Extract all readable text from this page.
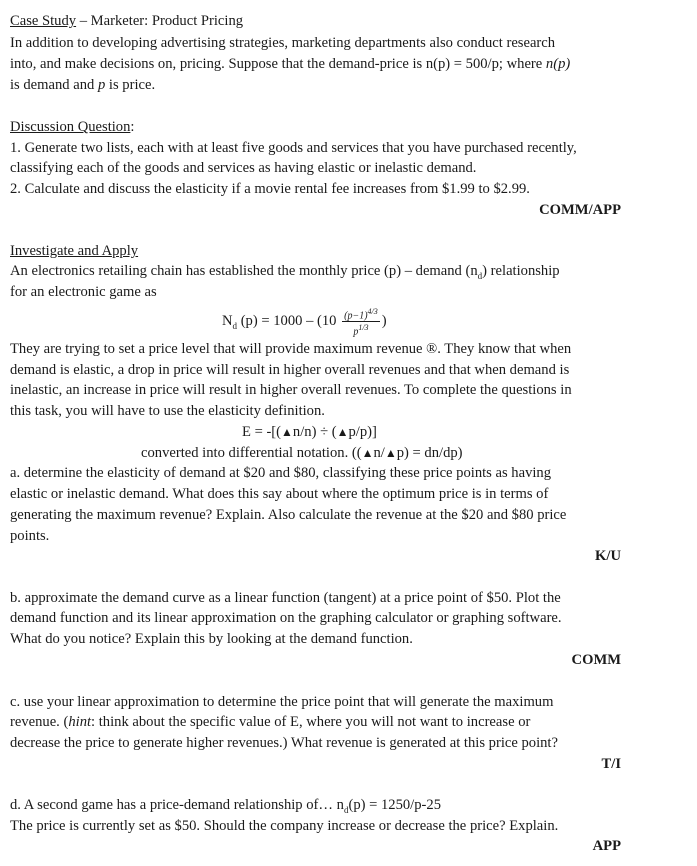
Case Study – Marketer: Product Pricing
In addition to developing advertising strategies, marketing departments also conduct research
into, and make decisions on, pricing. Suppose that the demand-price is n(p) = 500/p; where n(p)
is demand and p is price.
Discussion Question:
1. Generate two lists, each with at least five goods and services that you have purchased recently,
classifying each of the goods and services as having elastic or inelastic demand.
2. Calculate and discuss the elasticity if a movie rental fee increases from $1.99 to $2.99.
COMM/APP
Investigate and Apply
An electronics retailing chain has established the monthly price (p) – demand $(n_d)$ relationship
for an electronic game as
$N_d$ $(p) = 1000 - (10 \frac{(p-1)^{4/3}}{p^{1/3}}$ )
They are trying to set a price level that will provide maximum revenue ®. They know that when
demand is elastic, a drop in price will result in higher overall revenues and that when demand is
inelastic, an increase in price will result in higher overall revenues. To complete the questions in
this task, you will have to use the elasticity definition.
E = -[(▲n/n) ÷ (▲p/p)]
converted into differential notation. ((▲n/▲p) = dn/dp)
a. determine the elasticity of demand at $20 and $80, classifying these price points as having
elastic or inelastic demand. What does this say about where the optimum price is in terms of
generating the maximum revenue? Explain. Also calculate the revenue at the $20 and $80 price
points.
K/U
b. approximate the demand curve as a linear function (tangent) at a price point of $50. Plot the
demand function and its linear approximation on the graphing calculator or graphing software.
What do you notice? Explain this by looking at the demand function.
COMM
c. use your linear approximation to determine the price point that will generate the maximum
revenue. (hint: think about the specific value of E, where you will not want to increase or
decrease the price to generate higher revenues.) What revenue is generated at this price point?
T/I
d. A second game has a price-demand relationship of… $n_d(p) = 1250/p-25$
The price is currently set as $50. Should the company increase or decrease the price? Explain.
APP
